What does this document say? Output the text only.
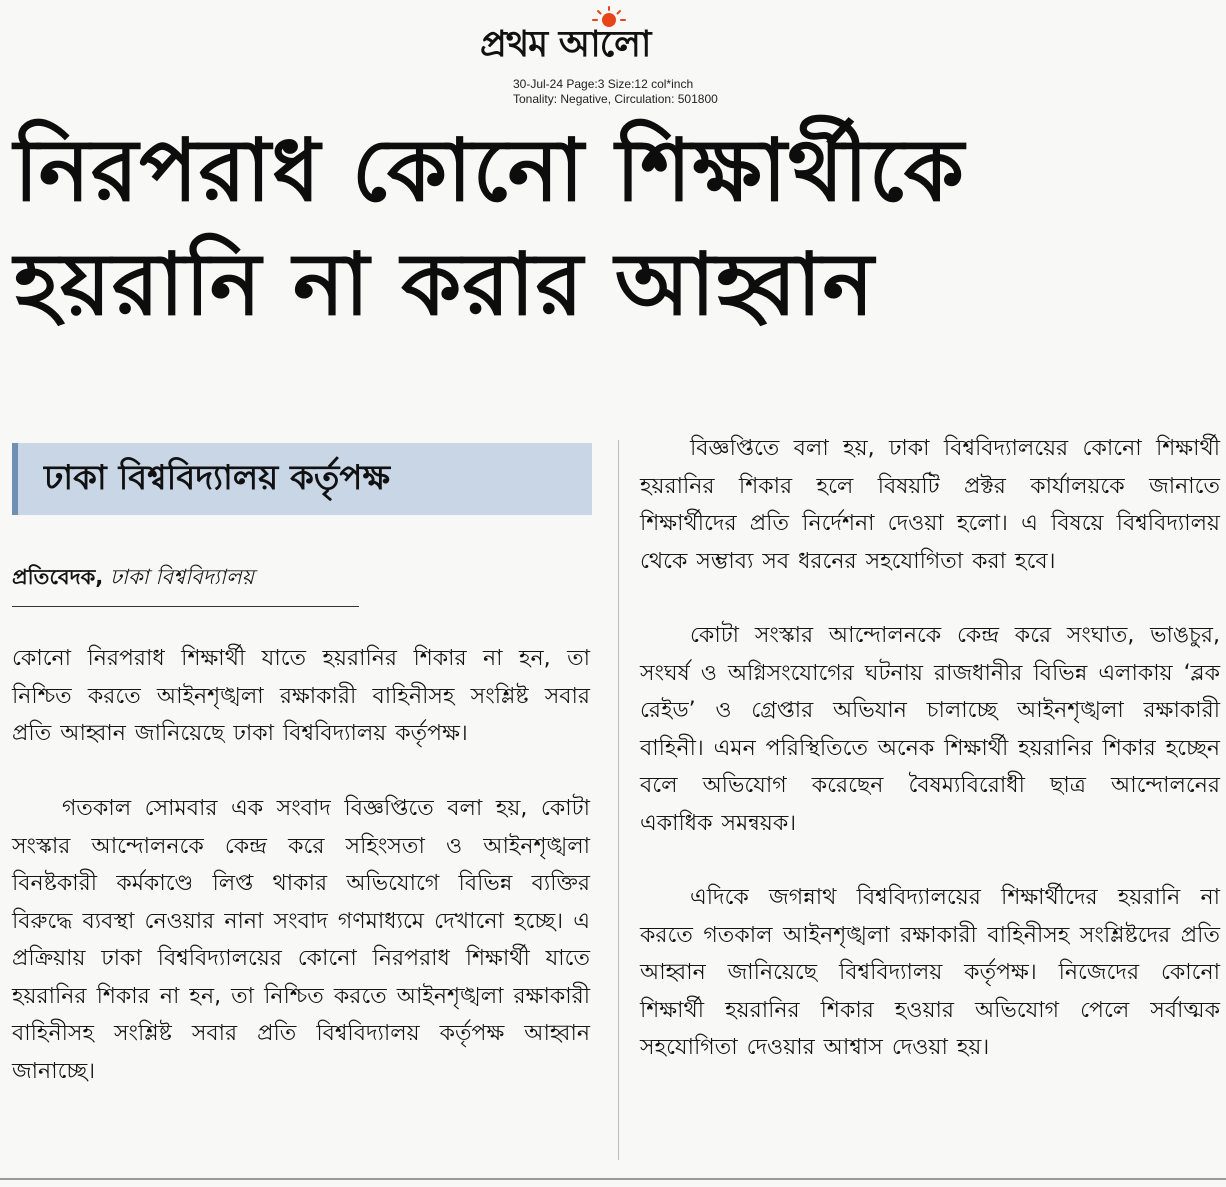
প্রথম আলো
30-Jul-24 Page:3 Size:12 col*inch
Tonality: Negative, Circulation: 501800
নিরপরাধ কোনো শিক্ষার্থীকে
হয়রানি না করার আহ্বান
ঢাকা বিশ্ববিদ্যালয় কর্তৃপক্ষ
প্রতিবেদক, ঢাকা বিশ্ববিদ্যালয়
কোনো নিরপরাধ শিক্ষার্থী যাতে হয়রানির শিকার না হন, তা নিশ্চিত করতে আইনশৃঙ্খলা রক্ষাকারী বাহিনীসহ সংশ্লিষ্ট সবার প্রতি আহ্বান জানিয়েছে ঢাকা বিশ্ববিদ্যালয় কর্তৃপক্ষ।
গতকাল সোমবার এক সংবাদ বিজ্ঞপ্তিতে বলা হয়, কোটা সংস্কার আন্দোলনকে কেন্দ্র করে সহিংসতা ও আইনশৃঙ্খলা বিনষ্টকারী কর্মকাণ্ডে লিপ্ত থাকার অভিযোগে বিভিন্ন ব্যক্তির বিরুদ্ধে ব্যবস্থা নেওয়ার নানা সংবাদ গণমাধ্যমে দেখানো হচ্ছে। এ প্রক্রিয়ায় ঢাকা বিশ্ববিদ্যালয়ের কোনো নিরপরাধ শিক্ষার্থী যাতে হয়রানির শিকার না হন, তা নিশ্চিত করতে আইনশৃঙ্খলা রক্ষাকারী বাহিনীসহ সংশ্লিষ্ট সবার প্রতি বিশ্ববিদ্যালয় কর্তৃপক্ষ আহ্বান জানাচ্ছে।
বিজ্ঞপ্তিতে বলা হয়, ঢাকা বিশ্ববিদ্যালয়ের কোনো শিক্ষার্থী হয়রানির শিকার হলে বিষয়টি প্রক্টর কার্যালয়কে জানাতে শিক্ষার্থীদের প্রতি নির্দেশনা দেওয়া হলো। এ বিষয়ে বিশ্ববিদ্যালয় থেকে সম্ভাব্য সব ধরনের সহযোগিতা করা হবে।
কোটা সংস্কার আন্দোলনকে কেন্দ্র করে সংঘাত, ভাঙচুর, সংঘর্ষ ও অগ্নিসংযোগের ঘটনায় রাজধানীর বিভিন্ন এলাকায় ‘ব্লক রেইড’ ও গ্রেপ্তার অভিযান চালাচ্ছে আইনশৃঙ্খলা রক্ষাকারী বাহিনী। এমন পরিস্থিতিতে অনেক শিক্ষার্থী হয়রানির শিকার হচ্ছেন বলে অভিযোগ করেছেন বৈষম্যবিরোধী ছাত্র আন্দোলনের একাধিক সমন্বয়ক।
এদিকে জগন্নাথ বিশ্ববিদ্যালয়ের শিক্ষার্থীদের হয়রানি না করতে গতকাল আইনশৃঙ্খলা রক্ষাকারী বাহিনীসহ সংশ্লিষ্টদের প্রতি আহ্বান জানিয়েছে বিশ্ববিদ্যালয় কর্তৃপক্ষ। নিজেদের কোনো শিক্ষার্থী হয়রানির শিকার হওয়ার অভিযোগ পেলে সর্বাত্মক সহযোগিতা দেওয়ার আশ্বাস দেওয়া হয়।
